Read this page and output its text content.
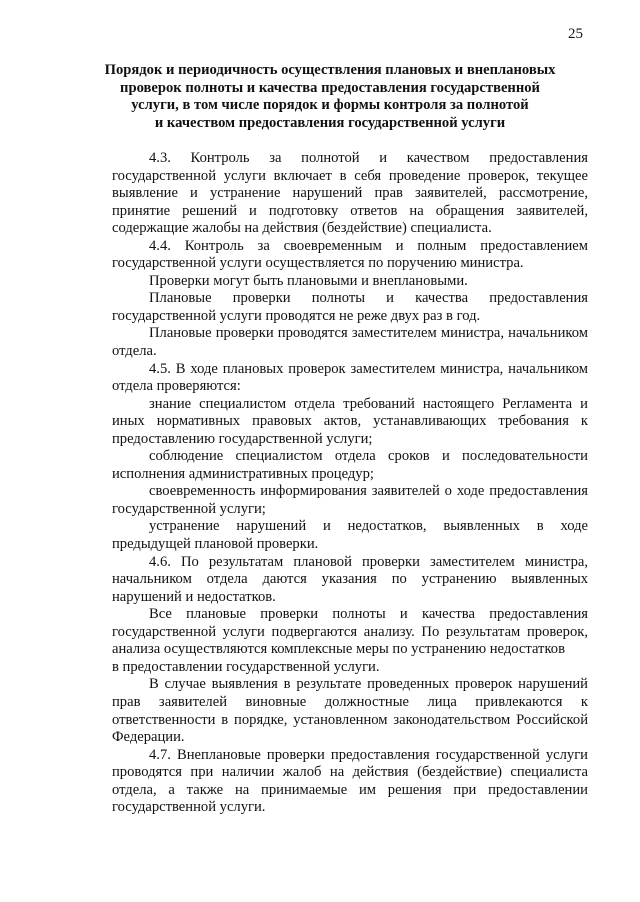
25
Порядок и периодичность осуществления плановых и внеплановых
проверок полноты и качества предоставления государственной
услуги, в том числе порядок и формы контроля за полнотой
и качеством предоставления государственной услуги
4.3. Контроль за полнотой и качеством предоставления государственной услуги включает в себя проведение проверок, текущее выявление и устранение нарушений прав заявителей, рассмотрение, принятие решений и подготовку ответов на обращения заявителей, содержащие жалобы на действия (бездействие) специалиста.
4.4. Контроль за своевременным и полным предоставлением государственной услуги осуществляется по поручению министра.
Проверки могут быть плановыми и внеплановыми.
Плановые проверки полноты и качества предоставления государственной услуги проводятся не реже двух раз в год.
Плановые проверки проводятся заместителем министра, начальником отдела.
4.5. В ходе плановых проверок заместителем министра, начальником отдела проверяются:
знание специалистом отдела требований настоящего Регламента и иных нормативных правовых актов, устанавливающих требования к предоставлению государственной услуги;
соблюдение специалистом отдела сроков и последовательности исполнения административных процедур;
своевременность информирования заявителей о ходе предоставления государственной услуги;
устранение нарушений и недостатков, выявленных в ходе предыдущей плановой проверки.
4.6. По результатам плановой проверки заместителем министра, начальником отдела даются указания по устранению выявленных нарушений и недостатков.
Все плановые проверки полноты и качества предоставления государственной услуги подвергаются анализу. По результатам проверок, анализа осуществляются комплексные меры по устранению недостатков
в предоставлении государственной услуги.
В случае выявления в результате проведенных проверок нарушений прав заявителей виновные должностные лица привлекаются к ответственности в порядке, установленном законодательством Российской Федерации.
4.7. Внеплановые проверки предоставления государственной услуги проводятся при наличии жалоб на действия (бездействие) специалиста отдела, а также на принимаемые им решения при предоставлении государственной услуги.
